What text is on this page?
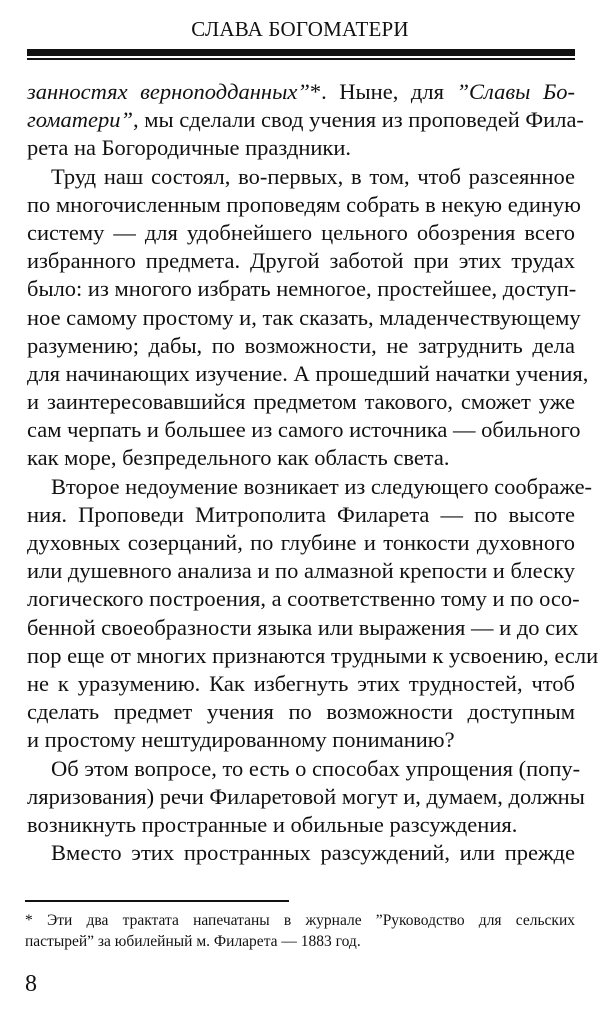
СЛАВА БОГОМАТЕРИ
занностях верноподданных”*. Ныне, для ”Славы Бо-
гоматери”, мы сделали свод учения из проповедей Фила-
рета на Богородичные праздники.
Труд наш состоял, во-первых, в том, чтоб разсеянное
по многочисленным проповедям собрать в некую единую
систему — для удобнейшего цельного обозрения всего
избранного предмета. Другой заботой при этих трудах
было: из многого избрать немногое, простейшее, доступ-
ное самому простому и, так сказать, младенчествующему
разумению; дабы, по возможности, не затруднить дела
для начинающих изучение. А прошедший начатки учения,
и заинтересовавшийся предметом такового, сможет уже
сам черпать и большее из самого источника — обильного
как море, безпредельного как область света.
Второе недоумение возникает из следующего соображе-
ния. Проповеди Митрополита Филарета — по высоте
духовных созерцаний, по глубине и тонкости духовного
или душевного анализа и по алмазной крепости и блеску
логического построения, а соответственно тому и по осо-
бенной своеобразности языка или выражения — и до сих
пор еще от многих признаются трудными к усвоению, если
не к уразумению. Как избегнуть этих трудностей, чтоб
сделать предмет учения по возможности доступным
и простому нештудированному пониманию?
Об этом вопросе, то есть о способах упрощения (попу-
ляризования) речи Филаретовой могут и, думаем, должны
возникнуть пространные и обильные разсуждения.
Вместо этих пространных разсуждений, или прежде
* Эти два трактата напечатаны в журнале ”Руководство для сельских
пастырей” за юбилейный м. Филарета — 1883 год.
8
